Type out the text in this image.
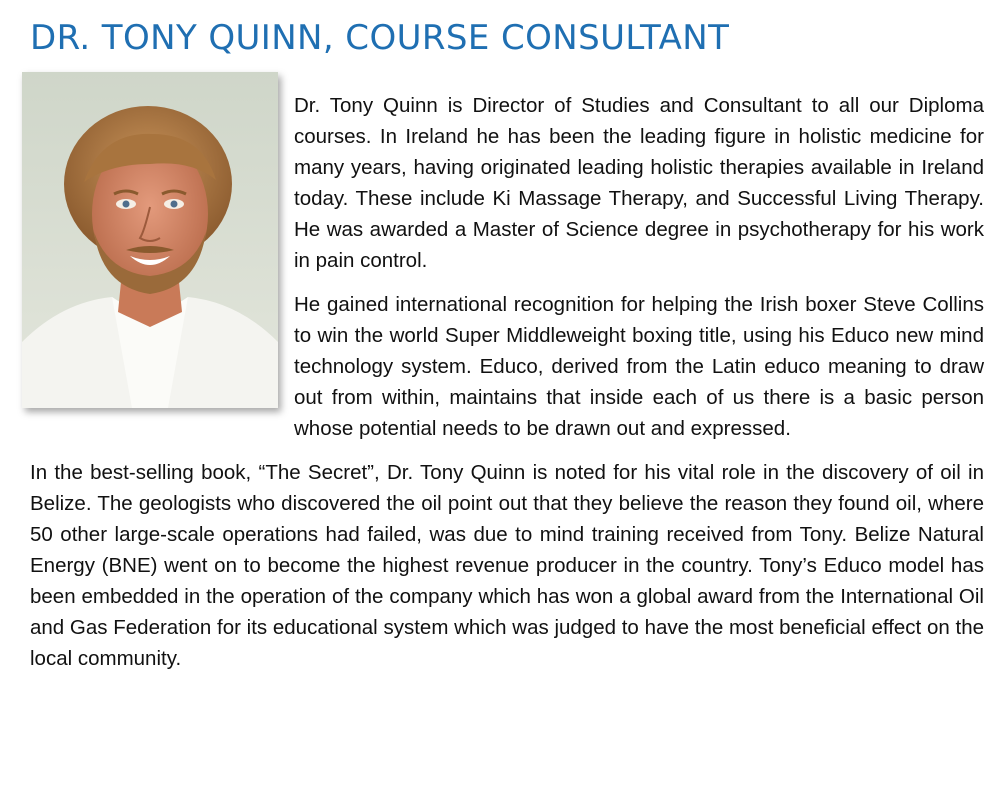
DR. TONY QUINN, COURSE CONSULTANT

Dr. Tony Quinn is Director of Studies and Consultant to all our Diploma courses. In Ireland he has been the leading figure in holistic medicine for many years, having originated leading holistic therapies available in Ireland today. These include Ki Massage Therapy, and Successful Living Therapy. He was awarded a Master of Science degree in psychotherapy for his work in pain control.

He gained international recognition for helping the Irish boxer Steve Collins to win the world Super Middleweight boxing title, using his Educo new mind technology system. Educo, derived from the Latin educo meaning to draw out from within, maintains that inside each of us there is a basic person whose potential needs to be drawn out and expressed.

In the best-selling book, “The Secret”, Dr. Tony Quinn is noted for his vital role in the discovery of oil in Belize. The geologists who discovered the oil point out that they believe the reason they found oil, where 50 other large-scale operations had failed, was due to mind training received from Tony. Belize Natural Energy (BNE) went on to become the highest revenue producer in the country. Tony’s Educo model has been embedded in the operation of the company which has won a global award from the International Oil and Gas Federation for its educational system which was judged to have the most beneficial effect on the local community.
